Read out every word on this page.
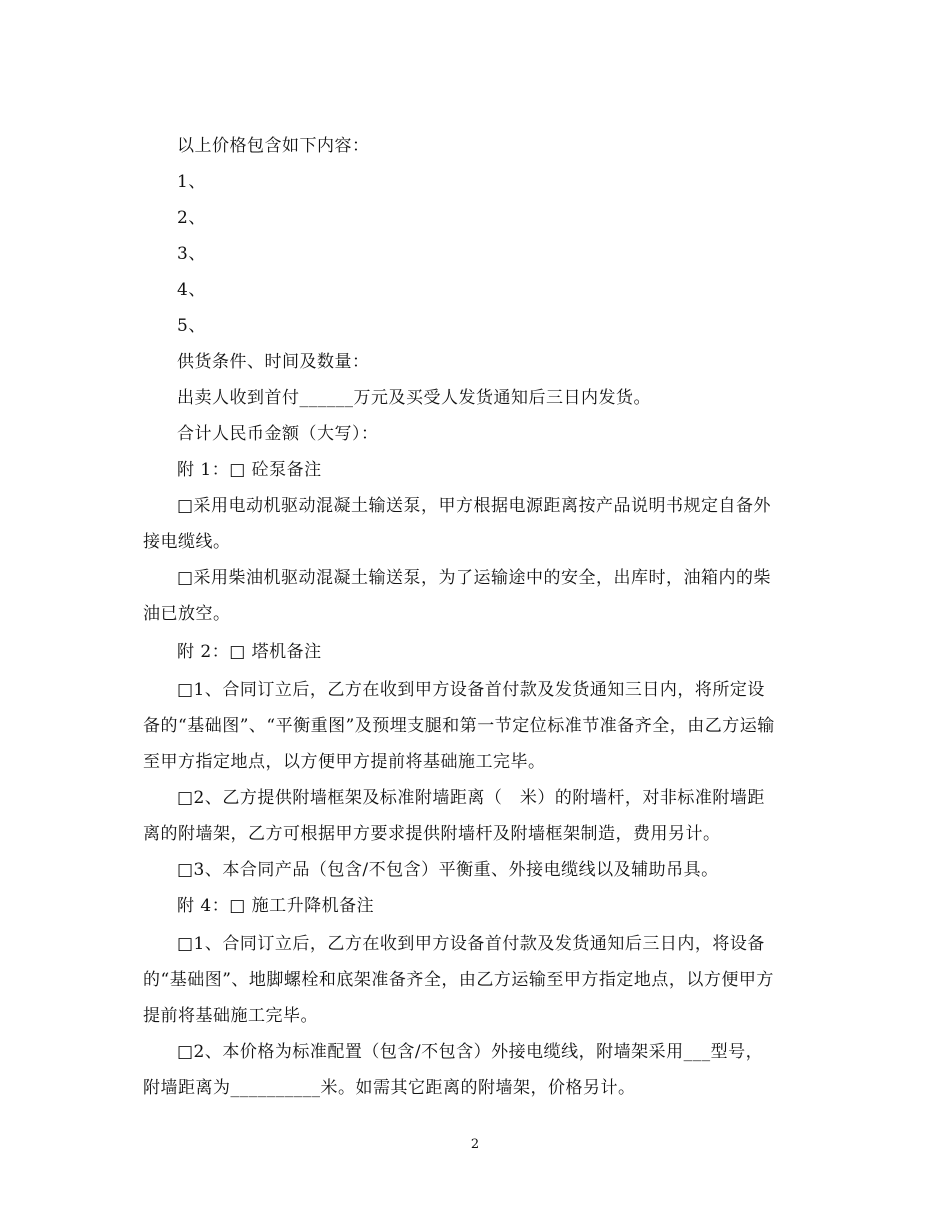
以上价格包含如下内容：
1、
2、
3、
4、
5、
供货条件、时间及数量：
出卖人收到首付______万元及买受人发货通知后三日内发货。
合计人民币金额（大写）：
附 1：□ 砼泵备注
□采用电动机驱动混凝土输送泵，甲方根据电源距离按产品说明书规定自备外
接电缆线。
□采用柴油机驱动混凝土输送泵，为了运输途中的安全，出库时，油箱内的柴
油已放空。
附 2：□ 塔机备注
□1、合同订立后，乙方在收到甲方设备首付款及发货通知三日内，将所定设
备的“基础图”、“平衡重图”及预埋支腿和第一节定位标准节准备齐全，由乙方运输
至甲方指定地点，以方便甲方提前将基础施工完毕。
□2、乙方提供附墙框架及标准附墙距离（　米）的附墙杆，对非标准附墙距
离的附墙架，乙方可根据甲方要求提供附墙杆及附墙框架制造，费用另计。
□3、本合同产品（包含/不包含）平衡重、外接电缆线以及辅助吊具。
附 4：□ 施工升降机备注
□1、合同订立后，乙方在收到甲方设备首付款及发货通知后三日内，将设备
的“基础图”、地脚螺栓和底架准备齐全，由乙方运输至甲方指定地点，以方便甲方
提前将基础施工完毕。
□2、本价格为标准配置（包含/不包含）外接电缆线，附墙架采用___型号，
附墙距离为__________米。如需其它距离的附墙架，价格另计。
2
